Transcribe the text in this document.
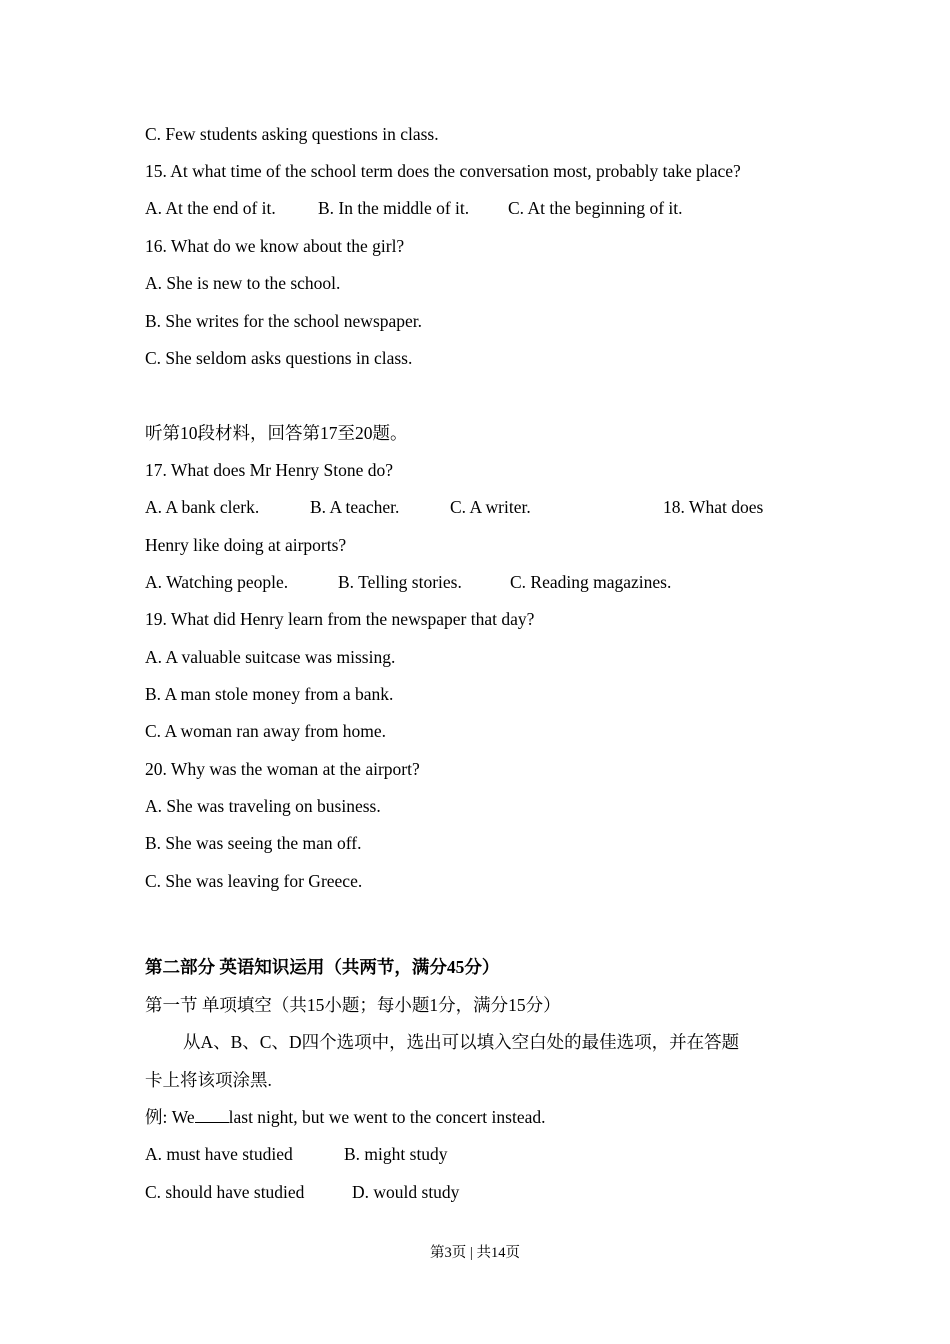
C. Few students asking questions in class.
15. At what time of the school term does the conversation most, probably take place?
A. At the end of it. B. In the middle of it. C. At the beginning of it.
16. What do we know about the girl?
A. She is new to the school.
B. She writes for the school newspaper.
C. She seldom asks questions in class.
听第10段材料，回答第17至20题。
17. What does Mr Henry Stone do?
A. A bank clerk.	B. A teacher.	C. A writer.	18. What does
Henry like doing at airports?
A. Watching people.	B. Telling stories.	C. Reading magazines.
19. What did Henry learn from the newspaper that day?
A. A valuable suitcase was missing.
B. A man stole money from a bank.
C. A woman ran away from home.
20. Why was the woman at the airport?
A. She was traveling on business.
B. She was seeing the man off.
C. She was leaving for Greece.
第二部分 英语知识运用（共两节，满分45分）
第一节 单项填空（共15小题；每小题1分，满分15分）
从A、B、C、D四个选项中，选出可以填入空白处的最佳选项，并在答题
卡上将该项涂黑.
例: We last night, but we went to the concert instead.
A. must have studied	B. might study
C. should have studied	D. would study
第3页 | 共14页
